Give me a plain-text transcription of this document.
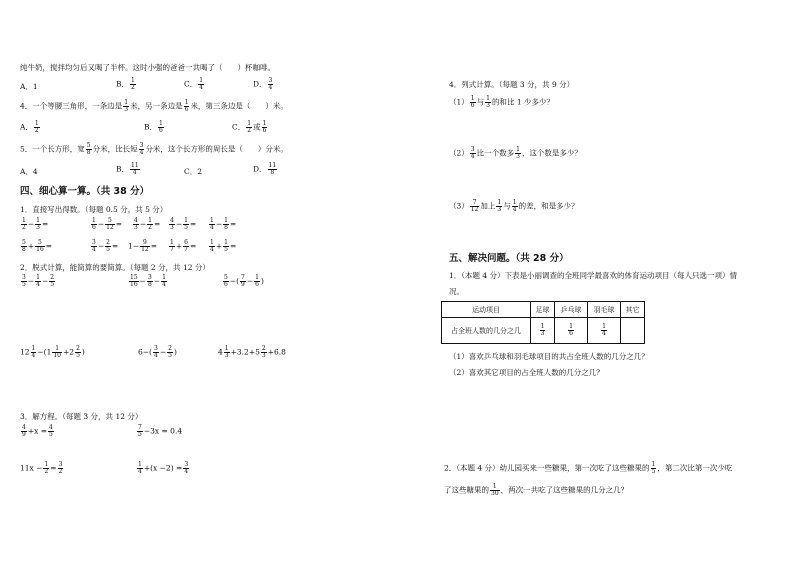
纯牛奶，搅拌均匀后又喝了半杯。这时小强的爸爸一共喝了（　　）杯咖啡。
A．1	B． $\frac{1}{2}$	C． $\frac{1}{4}$	D． $\frac{3}{4}$
4．一个等腰三角形，一条边是 $\frac{1}{3}$ 米，另一条边是 $\frac{1}{6}$ 米，第三条边是（　　）米。
A． $\frac{1}{2}$	B． $\frac{1}{6}$	C． $\frac{1}{2}$ 或 $\frac{1}{6}$
5．一个长方形，宽 $\frac{5}{8}$ 分米，比长短 $\frac{3}{4}$ 分米，这个长方形的周长是（　　）分米。
A．4	B． $\frac{11}{4}$	C．2	D． $\frac{11}{8}$
四、细心算一算。（共 38 分）
1．直接写出得数。（每题 0.5 分，共 5 分）
$\frac{1}{2} - \frac{1}{3}$ =	$\frac{1}{6} - \frac{5}{12} = \frac{4}{3} - \frac{1}{2} = \frac{4}{3} - \frac{1}{5} = \frac{1}{4} - \frac{1}{8}$ =
$\frac{5}{8} + \frac{5}{16}$ =	$\frac{3}{4} - \frac{2}{5} = 1- \frac{9}{12} = \frac{1}{7} + \frac{6}{7} = \frac{1}{4} + \frac{1}{5}$ =
2．脱式计算，能简算的要简算。（每题 2 分，共 12 分）
$\frac{3}{5} - \frac{1}{4} - \frac{2}{5}$	$\frac{15}{16} - \frac{3}{8} - \frac{1}{4}$	$\frac{5}{6}$ −( $\frac{7}{9} - \frac{1}{6}$ )
$12 \frac{1}{4} -(1 \frac{1}{10} +2 \frac{2}{5}$ )	$6-( \frac{3}{4} - \frac{2}{5}$ )	$4 \frac{1}{3} +3.2+5 \frac{2}{3} +6.8$
3．解方程。（每题 3 分，共 12 分）
$\frac{4}{9} +x = \frac{4}{5}$	$\frac{7}{5} -3x = 0.4$
$11x - \frac{1}{2} = \frac{3}{2}$	$\frac{1}{4} +(x -2) = \frac{3}{4}$
4．列式计算。（每题 3 分，共 9 分）
$(1) \frac{1}{6}$ 与 $\frac{1}{3}$ 的和比 1 少多少？
$(2) \frac{3}{4}$ 比一个数多 $\frac{1}{3}$ ，这个数是多少？
$(3) \frac{7}{12}$ 加上 $\frac{1}{3}$ 与 $\frac{1}{4}$ 的差，和是多少？
五、解决问题。（共 28 分）
1．（本题 4 分）下表是小丽调查的全班同学最喜欢的体育运动项目（每人只选一项）情
况。
运动项目	足球	乒乓球	羽毛球	其它
占全班人数的几分之几	$\frac{1}{3}$	$\frac{1}{6}$	$\frac{1}{4}$

（1）喜欢乒乓球和羽毛球项目的共占全班人数的几分之几？
（2）喜欢其它项目的占全班人数的几分之几？
2．（本题 4 分）幼儿园买来一些糖果，第一次吃了这些糖果的 $\frac{1}{5}$ ，第二次比第一次少吃
了这些糖果的 $\frac{1}{30}$ ，两次一共吃了这些糖果的几分之几？
